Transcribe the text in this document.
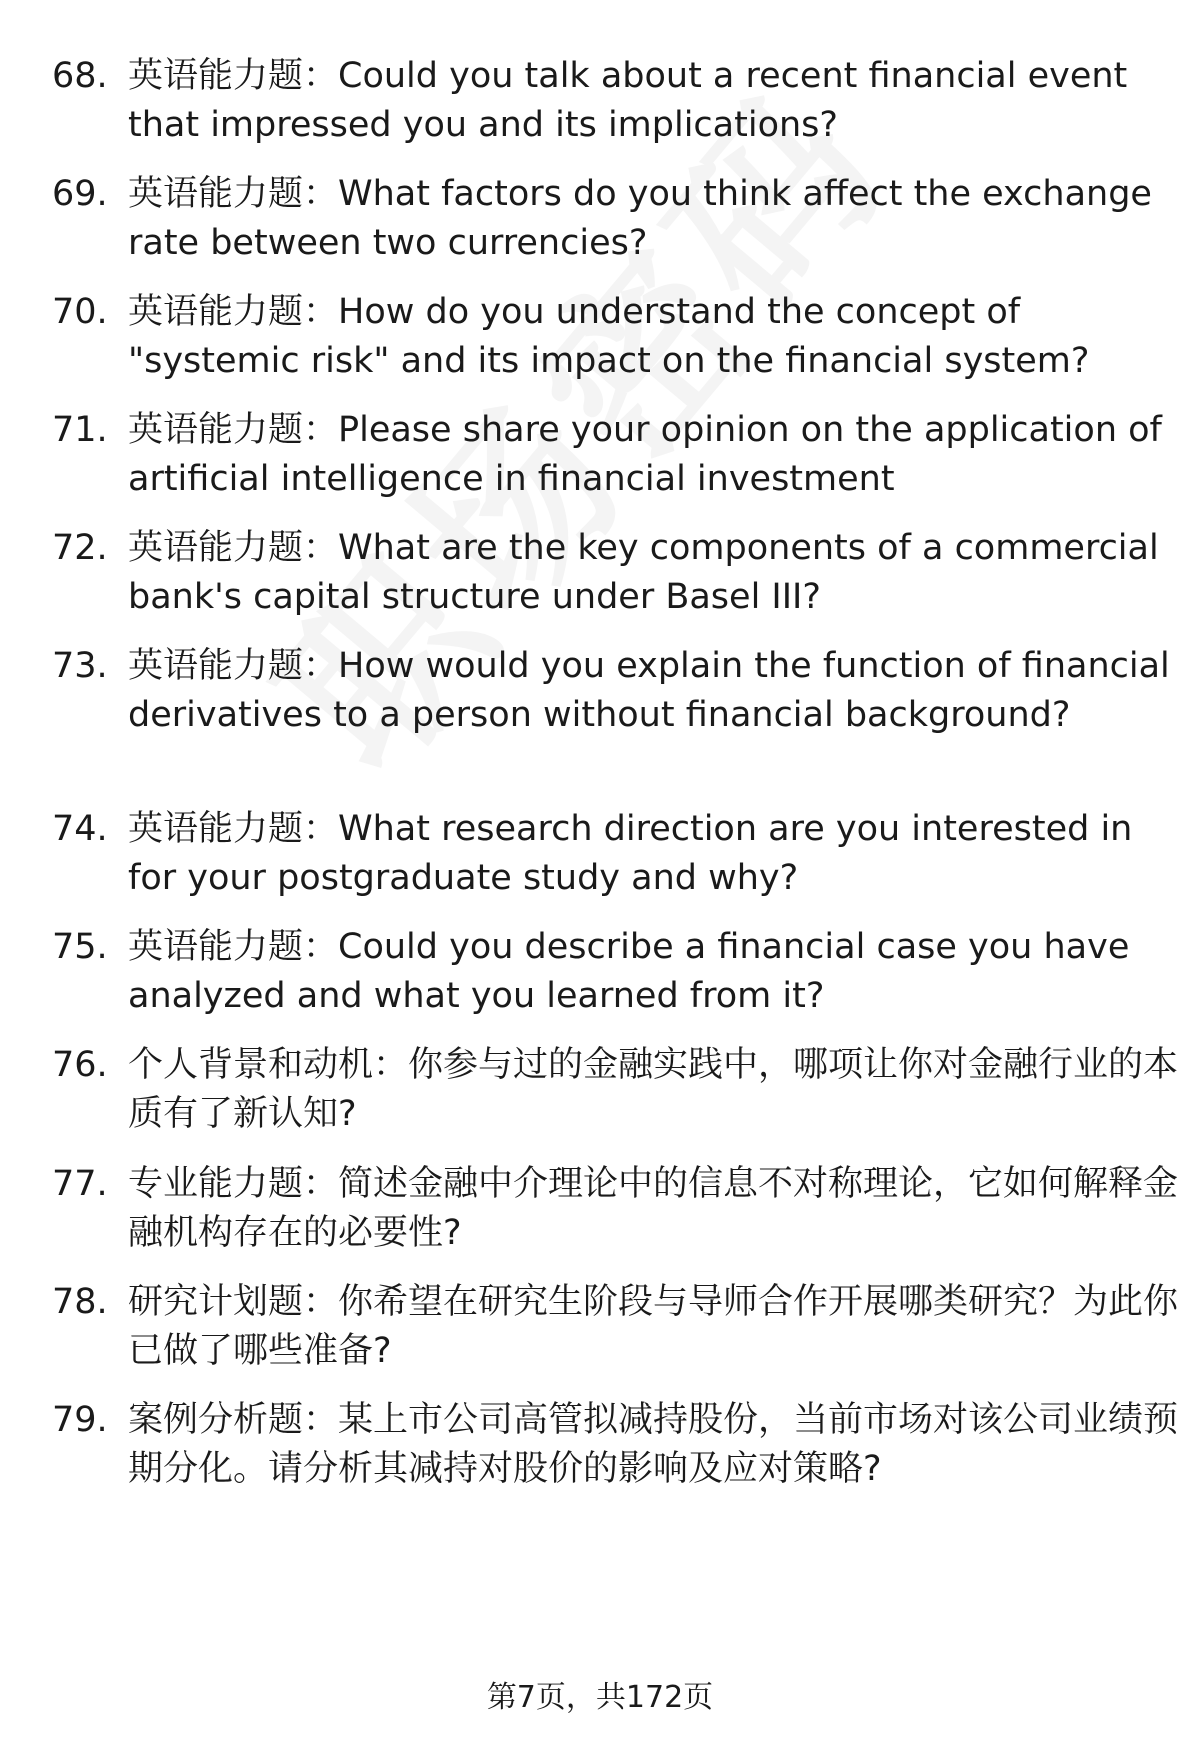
68. 英语能力题：Could you talk about a recent financial event that impressed you and its implications?
69. 英语能力题：What factors do you think affect the exchange rate between two currencies?
70. 英语能力题：How do you understand the concept of "systemic risk" and its impact on the financial system?
71. 英语能力题：Please share your opinion on the application of artificial intelligence in financial investment
72. 英语能力题：What are the key components of a commercial bank's capital structure under Basel III?
73. 英语能力题：How would you explain the function of financial derivatives to a person without financial background?
74. 英语能力题：What research direction are you interested in for your postgraduate study and why?
75. 英语能力题：Could you describe a financial case you have analyzed and what you learned from it?
76. 个人背景和动机：你参与过的金融实践中，哪项让你对金融行业的本质有了新认知?
77. 专业能力题：简述金融中介理论中的信息不对称理论，它如何解释金融机构存在的必要性?
78. 研究计划题：你希望在研究生阶段与导师合作开展哪类研究？为此你已做了哪些准备?
79. 案例分析题：某上市公司高管拟减持股份，当前市场对该公司业绩预期分化。请分析其减持对股价的影响及应对策略?
第7页，共172页
